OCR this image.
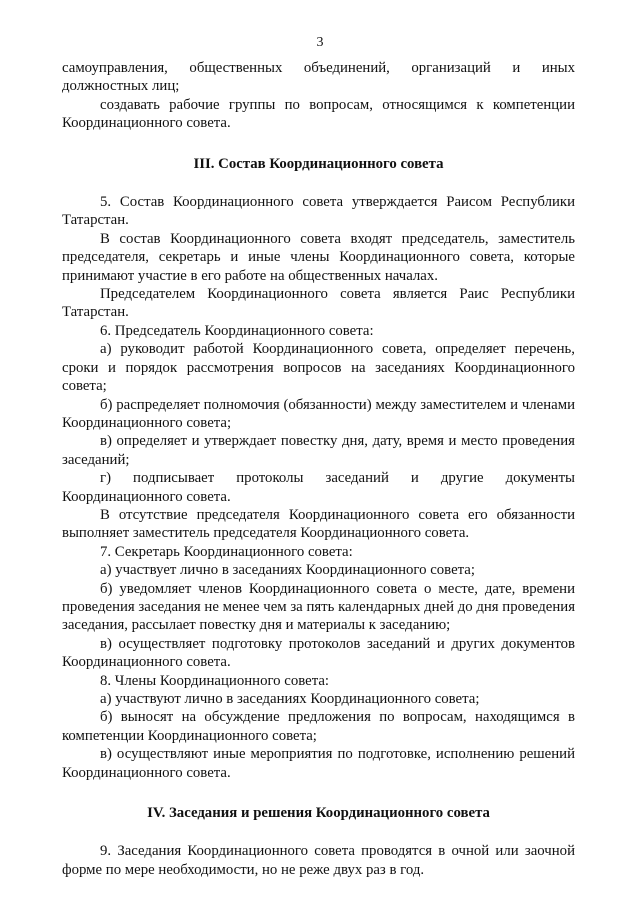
3

самоуправления, общественных объединений, организаций и иных должностных лиц;

создавать рабочие группы по вопросам, относящимся к компетенции Координационного совета.

III. Состав Координационного совета

5. Состав Координационного совета утверждается Раисом Республики Татарстан.

В состав Координационного совета входят председатель, заместитель председателя, секретарь и иные члены Координационного совета, которые принимают участие в его работе на общественных началах.

Председателем Координационного совета является Раис Республики Татарстан.

6. Председатель Координационного совета:

а) руководит работой Координационного совета, определяет перечень, сроки и порядок рассмотрения вопросов на заседаниях Координационного совета;

б) распределяет полномочия (обязанности) между заместителем и членами Координационного совета;

в) определяет и утверждает повестку дня, дату, время и место проведения заседаний;

г) подписывает протоколы заседаний и другие документы Координационного совета.

В отсутствие председателя Координационного совета его обязанности выполняет заместитель председателя Координационного совета.

7. Секретарь Координационного совета:

а) участвует лично в заседаниях Координационного совета;

б) уведомляет членов Координационного совета о месте, дате, времени проведения заседания не менее чем за пять календарных дней до дня проведения заседания, рассылает повестку дня и материалы к заседанию;

в) осуществляет подготовку протоколов заседаний и других документов Координационного совета.

8. Члены Координационного совета:

а) участвуют лично в заседаниях Координационного совета;

б) выносят на обсуждение предложения по вопросам, находящимся в компетенции Координационного совета;

в) осуществляют иные мероприятия по подготовке, исполнению решений Координационного совета.

IV. Заседания и решения Координационного совета

9. Заседания Координационного совета проводятся в очной или заочной форме по мере необходимости, но не реже двух раз в год.
